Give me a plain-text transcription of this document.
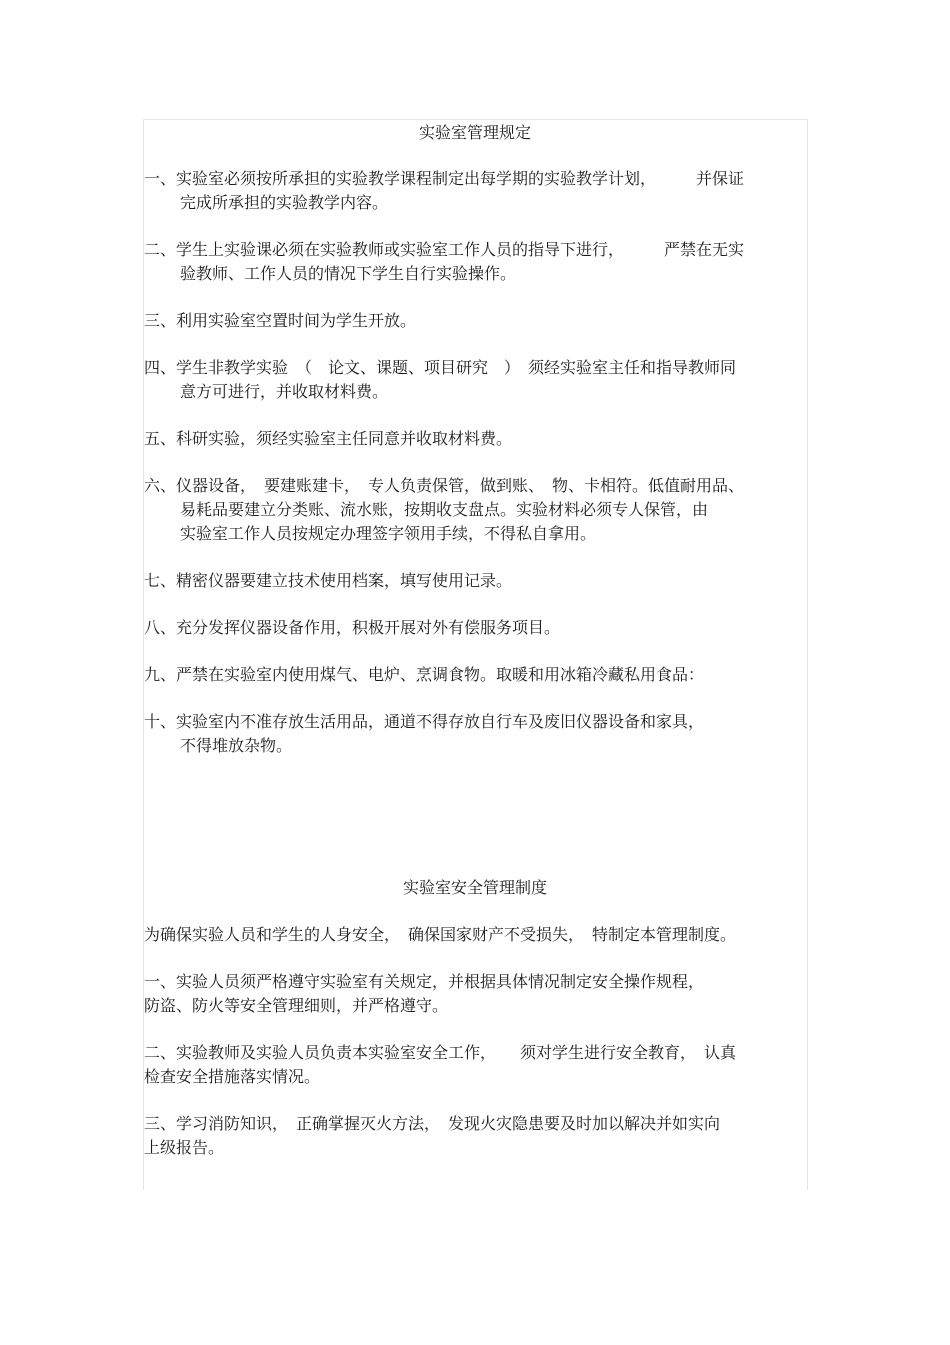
实验室管理规定
一、 实验室必须按所承担的实验教学课程制定出每学期的实验教学计划，　　　并保证
完成所承担的实验教学内容。
二、 学生上实验课必须在实验教师或实验室工作人员的指导下进行，　　　严禁在无实
验教师、工作人员的情况下学生自行实验操作。
三、 利用实验室空置时间为学生开放。
四、 学生非教学实验　（　论文、课题、项目研究　）　须经实验室主任和指导教师同
意方可进行，并收取材料费。
五、 科研实验，须经实验室主任同意并收取材料费。
六、 仪器设备，　要建账建卡，　专人负责保管，做到账、　物、卡相符。低值耐用品、
易耗品要建立分类账、流水账，按期收支盘点。实验材料必须专人保管，由
实验室工作人员按规定办理签字领用手续，不得私自拿用。
七、 精密仪器要建立技术使用档案，填写使用记录。
八、 充分发挥仪器设备作用，积极开展对外有偿服务项目。
九、 严禁在实验室内使用煤气、电炉、烹调食物。取暖和用冰箱冷藏私用食品：
十、 实验室内不准存放生活用品，通道不得存放自行车及废旧仪器设备和家具，
不得堆放杂物。
实验室安全管理制度

为确保实验人员和学生的人身安全，　确保国家财产不受损失，　特制定本管理制度。

一、实验人员须严格遵守实验室有关规定，并根据具体情况制定安全操作规程，
防盗、防火等安全管理细则，并严格遵守。

二、实验教师及实验人员负责本实验室安全工作，　　须对学生进行安全教育，　认真
检查安全措施落实情况。

三、学习消防知识，　正确掌握灭火方法，　发现火灾隐患要及时加以解决并如实向
上级报告。
